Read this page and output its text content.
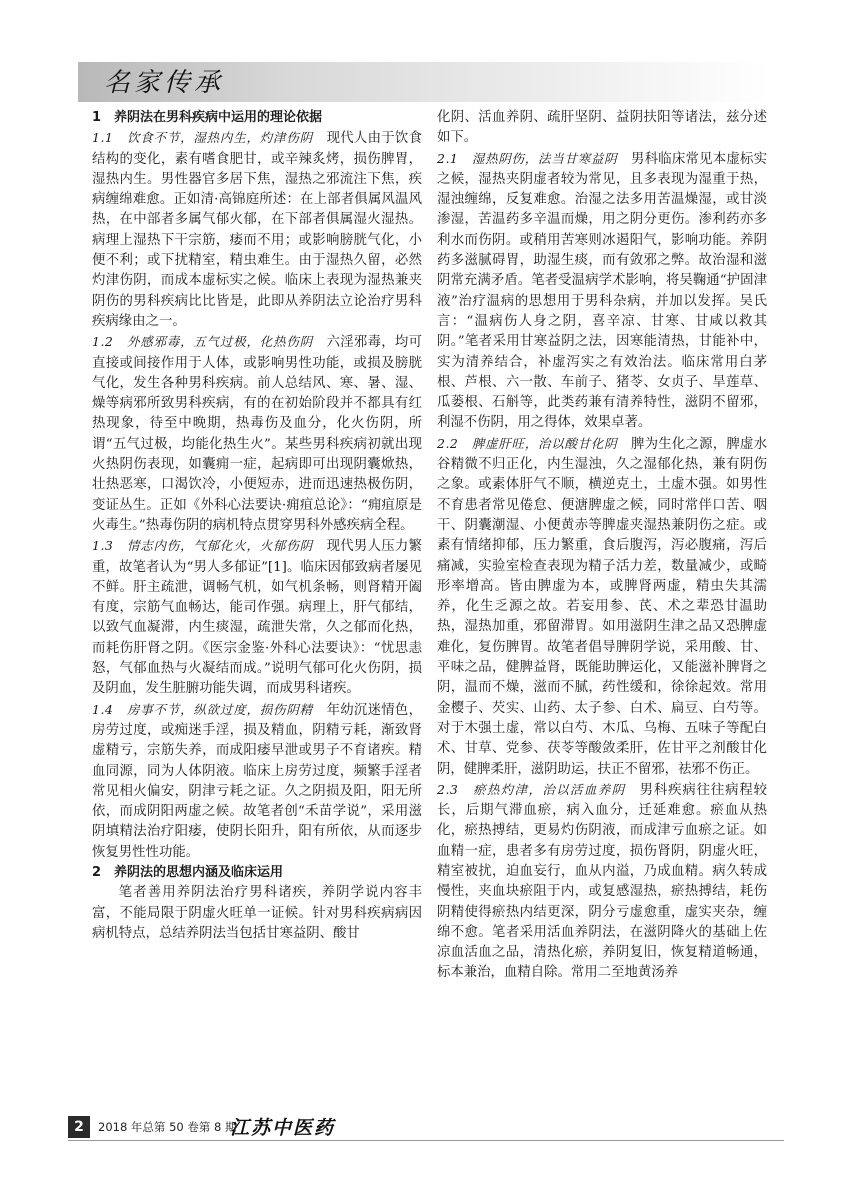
名家传承

1　养阴法在男科疾病中运用的理论依据

1.1　饮食不节，湿热内生，灼津伤阴　现代人由于饮食结构的变化，素有嗜食肥甘，或辛辣炙烤，损伤脾胃，湿热内生。男性器官多居下焦，湿热之邪流注下焦，疾病缠绵难愈。正如清·高锦庭所述：在上部者俱属风温风热，在中部者多属气郁火郁，在下部者俱属湿火湿热。病理上湿热下干宗筋，痿而不用；或影响膀胱气化，小便不利；或下扰精室，精虫难生。由于湿热久留，必然灼津伤阴，而成本虚标实之候。临床上表现为湿热兼夹阴伤的男科疾病比比皆是，此即从养阴法立论治疗男科疾病缘由之一。

1.2　外感邪毒，五气过极，化热伤阴　六淫邪毒，均可直接或间接作用于人体，或影响男性功能，或损及膀胱气化，发生各种男科疾病。前人总结风、寒、暑、湿、燥等病邪所致男科疾病，有的在初始阶段并不都具有红热现象，待至中晚期，热毒伤及血分，化火伤阴，所谓“五气过极，均能化热生火”。某些男科疾病初就出现火热阴伤表现，如囊痈一症，起病即可出现阴囊焮热，壮热恶寒，口渴饮冷，小便短赤，进而迅速热极伤阴，变证丛生。正如《外科心法要诀·痈疽总论》：“痈疽原是火毒生。”热毒伤阴的病机特点贯穿男科外感疾病全程。

1.3　情志内伤，气郁化火，火郁伤阴　现代男人压力繁重，故笔者认为“男人多郁证”[1]。临床因郁致病者屡见不鲜。肝主疏泄，调畅气机，如气机条畅，则肾精开阖有度，宗筋气血畅达，能司作强。病理上，肝气郁结，以致气血凝滞，内生痰湿，疏泄失常，久之郁而化热，而耗伤肝肾之阴。《医宗金鉴·外科心法要诀》：“忧思恚怒，气郁血热与火凝结而成。”说明气郁可化火伤阴，损及阴血，发生脏腑功能失调，而成男科诸疾。

1.4　房事不节，纵欲过度，损伤阴精　年幼沉迷情色，房劳过度，或痴迷手淫，损及精血，阴精亏耗，渐致肾虚精亏，宗筋失养，而成阳痿早泄或男子不育诸疾。精血同源，同为人体阴液。临床上房劳过度，频繁手淫者常见相火偏安，阴津亏耗之证。久之阴损及阳，阳无所依，而成阴阳两虚之候。故笔者创“禾苗学说”，采用滋阴填精法治疗阳痿，使阴长阳升，阳有所依，从而逐步恢复男性性功能。

2　养阴法的思想内涵及临床运用

笔者善用养阴法治疗男科诸疾，养阴学说内容丰富，不能局限于阴虚火旺单一证候。针对男科疾病病因病机特点，总结养阴法当包括甘寒益阴、酸甘

化阴、活血养阴、疏肝坚阴、益阴扶阳等诸法，兹分述如下。

2.1　湿热阴伤，法当甘寒益阴　男科临床常见本虚标实之候，湿热夹阴虚者较为常见，且多表现为湿重于热，湿浊缠绵，反复难愈。治湿之法多用苦温燥湿，或甘淡渗湿，苦温药多辛温而燥，用之阴分更伤。渗利药亦多利水而伤阴。或稍用苦寒则冰遏阳气，影响功能。养阴药多滋腻碍胃，助湿生痰，而有敛邪之弊。故治湿和滋阴常充满矛盾。笔者受温病学术影响，将吴鞠通“护固津液”治疗温病的思想用于男科杂病，并加以发挥。吴氏言：“温病伤人身之阴，喜辛凉、甘寒、甘咸以救其阴。”笔者采用甘寒益阴之法，因寒能清热，甘能补中，实为清养结合，补虚泻实之有效治法。临床常用白茅根、芦根、六一散、车前子、猪苓、女贞子、旱莲草、瓜蒌根、石斛等，此类药兼有清养特性，滋阴不留邪，利湿不伤阴，用之得体，效果卓著。

2.2　脾虚肝旺，治以酸甘化阴　脾为生化之源，脾虚水谷精微不归正化，内生湿浊，久之湿郁化热，兼有阴伤之象。或素体肝气不顺，横逆克土，土虚木强。如男性不育患者常见倦怠、便溏脾虚之候，同时常伴口苦、咽干、阴囊潮湿、小便黄赤等脾虚夹湿热兼阴伤之症。或素有情绪抑郁，压力繁重，食后腹泻，泻必腹痛，泻后痛减，实验室检查表现为精子活力差，数量减少，或畸形率增高。皆由脾虚为本，或脾肾两虚，精虫失其濡养，化生乏源之故。若妄用参、芪、术之辈恐甘温助热，湿热加重，邪留滞胃。如用滋阴生津之品又恐脾虚难化，复伤脾胃。故笔者倡导脾阴学说，采用酸、甘、平味之品，健脾益肾，既能助脾运化，又能滋补脾肾之阴，温而不燥，滋而不腻，药性缓和，徐徐起效。常用金樱子、芡实、山药、太子参、白术、扁豆、白芍等。对于木强土虚，常以白芍、木瓜、乌梅、五味子等配白术、甘草、党参、茯苓等酸敛柔肝，佐甘平之剂酸甘化阴，健脾柔肝，滋阴助运，扶正不留邪，祛邪不伤正。

2.3　瘀热灼津，治以活血养阴　男科疾病往往病程较长，后期气滞血瘀，病入血分，迁延难愈。瘀血从热化，瘀热搏结，更易灼伤阴液，而成津亏血瘀之证。如血精一症，患者多有房劳过度，损伤肾阴，阴虚火旺，精室被扰，迫血妄行，血从内溢，乃成血精。病久转成慢性，夹血块瘀阻于内，或复感湿热，瘀热搏结，耗伤阴精使得瘀热内结更深，阴分亏虚愈重，虚实夹杂，缠绵不愈。笔者采用活血养阴法，在滋阴降火的基础上佐凉血活血之品，清热化瘀，养阴复旧，恢复精道畅通，标本兼治，血精自除。常用二至地黄汤养

2	2018 年总第 50 卷第 8 期
江苏中医药
